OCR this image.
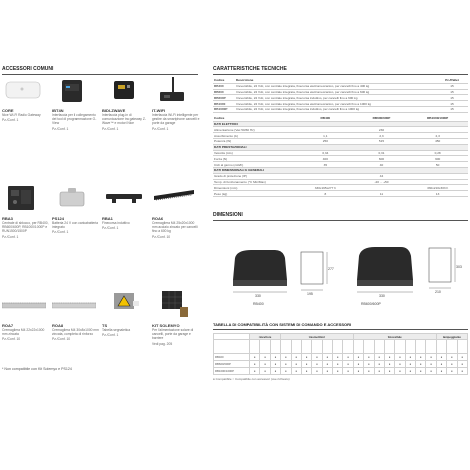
ACCESSORI COMUNI
CORE
Nice Wi-Fi Radio Gateway
Pz./Conf. 1
IBT4N
Interfaccia per il collegamento del tool di programmazione O-View
Pz./Conf. 1
BIDI-ZWAVE
Interfaccia plug-in di comunicazione tra gateway Z-Wave™ e motori Nice
Pz./Conf. 1
IT-WIFI
Interfaccia Wi-Fi intelligente per gestire da smartphone cancelli e porte da garage
Pz./Conf. 1
RBA3
Centrale di sblocco, per RB400, RB600/600P, RB1000/1000P e RUN1500/1500P
Pz./Conf. 1
PS124
Batteria 24 V con caricabatteria integrato
Pz./Conf. 1
RBA1
Finecorsa induttivo
Pz./Conf. 1
ROA6
Cremagliera M4 25x20x1000 mm acciaio zincato per cancelli fino a 600 kg
Pz./Conf. 10
ROA7
Cremagliera M4 22x22x1000 mm zincata
Pz./Conf. 10
ROA8
Cremagliera M4 30x8x1000 mm zincata, completa di rinforzo
Pz./Conf. 10
TS
Tabella segnaletica
Pz./Conf. 1
KIT SOLEMYO
Per l'alimentazione solare di cancelli, porte da garage e barriere
Vedi pag. 205
* Non compatibile con Kit Solemyo e PS124
CARATTERISTICHE TECNICHE
Codice	Descrizione	Pz./Pallet
RB400	Irreversibile, 24 Vdc, con centrale integrata, finecorsa elettromeccanico, per cancelli fino a 400 kg	15
RB600	Irreversibile, 24 Vdc, con centrale integrata, finecorsa elettromeccanico, per cancelli fino a 600 kg	15
RB600P	Irreversibile, 24 Vdc, con centrale integrata, finecorsa induttivo, per cancelli fino a 600 kg	15
RB1000	Irreversibile, 24 Vdc, con centrale integrata, finecorsa elettromeccanico, per cancelli fino a 1000 kg	15
RB1000P	Irreversibile, 24 Vdc, con centrale integrata, finecorsa induttivo, per cancelli fino a 1000 kg	15
Codice	RB400	RB600/600P	RB1000/1000P
DATI ELETTRICI			
Alimentazione (Vac 50/60 Hz)		230	
Assorbimento (A)	1,1	2,3	2,3
Potenza (W)	250	515	450
DATI PRESTAZIONALI			
Velocità (m/s)	0,34	0,31	0,28
Forza (N)	400	600	900
Cicli al giorno (cicli/h)	35	40	50
DATI DIMENSIONALI E GENERALI			
Grado di protezione (IP)		44	
Temp. di funzionamento (°C Min/Max)		-20 ... +50	
Dimensioni (mm)	330x195x277 h		330x210x303 h
Peso (kg)	8	11	13
DIMENSIONI
330
277
195
RB400
330
303
210
RB600/600P
TABELLA DI COMPATIBILITÀ CON SISTEMI DI COMANDO E ACCESSORI
	ricevitore			trasmettitori							fotocellule								lampeggiante		

RB400	●	●	●	●	●	●	●	●	●	●	●	●	●	●	●	●	●	●	●	●	●
RB600/600P	●	●	●	●	●	●	●	●	●	●	●	●	●	●	●	●	●	●	●	●	●
RB1000/1000P	●	●	●	●	●	●	●	●	●	●	●	●	●	●	●	●	●	●	●	●	●
● Compatibile ○ Compatibile con accessori (ove richiesto)
